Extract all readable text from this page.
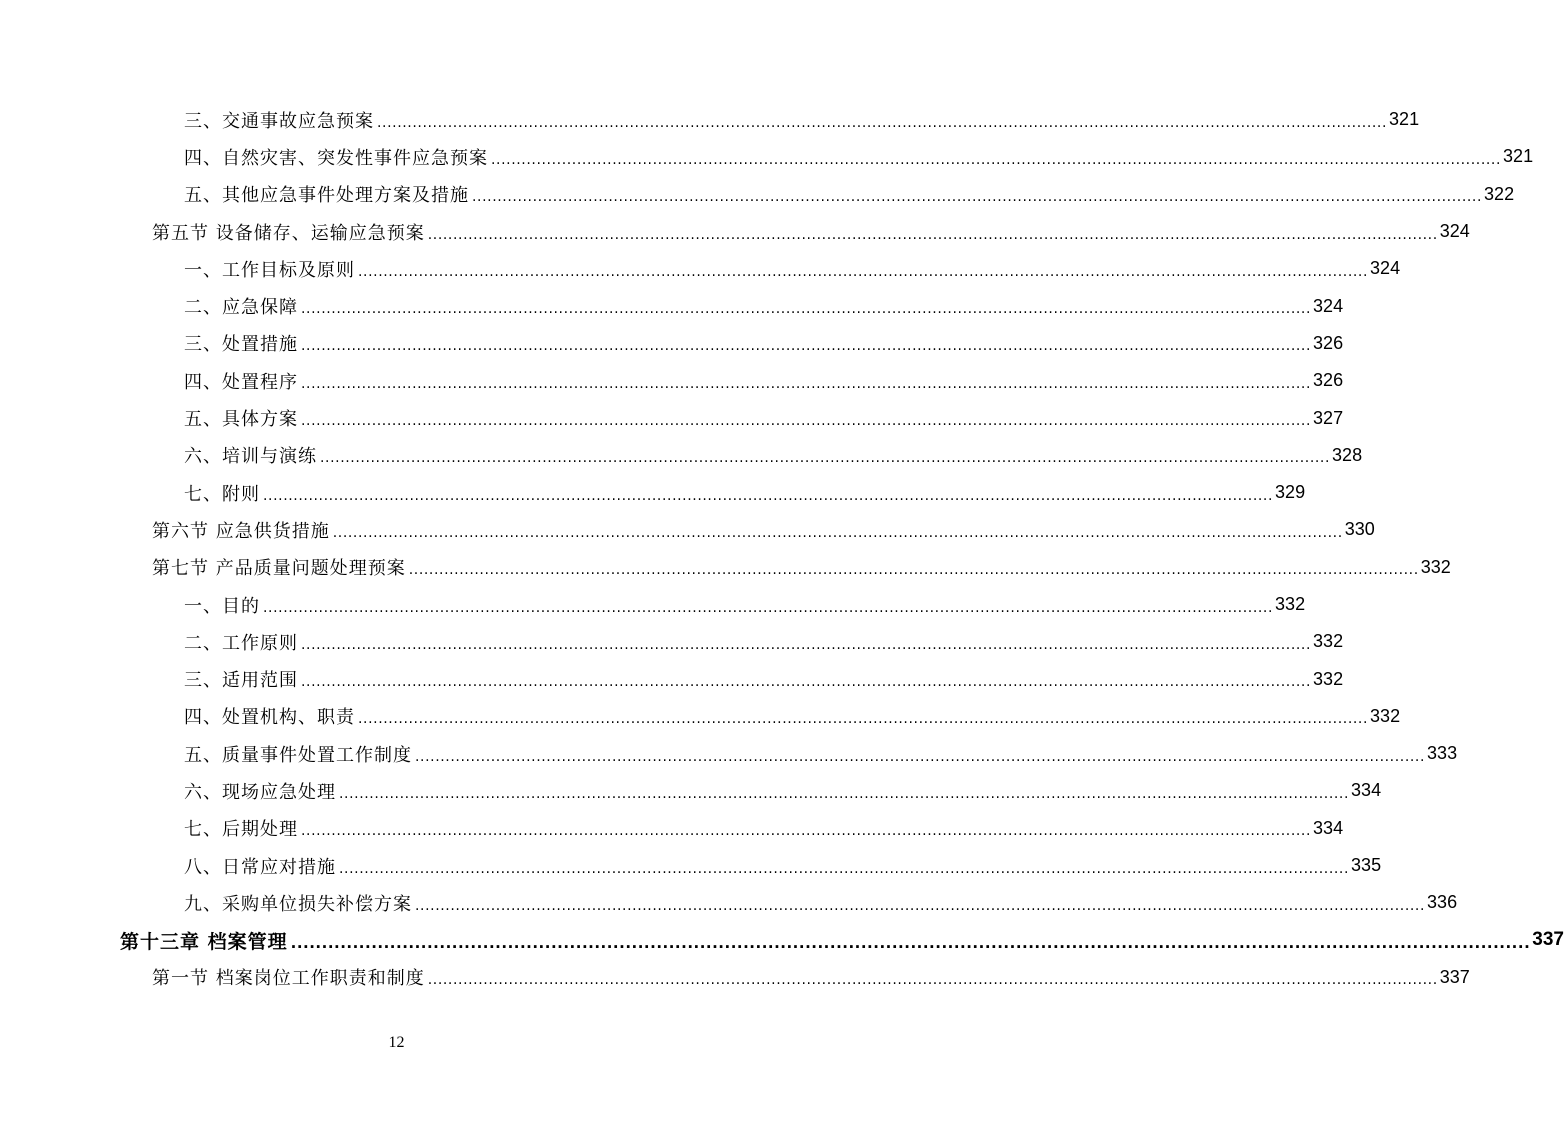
三、交通事故应急预案 ........................................................................................................................................................................................................ 321
四、自然灾害、突发性事件应急预案 ........................................................................................................................................................................................................ 321
五、其他应急事件处理方案及措施 ........................................................................................................................................................................................................ 322
第五节 设备储存、运输应急预案 ........................................................................................................................................................................................................ 324
一、工作目标及原则 ........................................................................................................................................................................................................ 324
二、应急保障 ........................................................................................................................................................................................................ 324
三、处置措施 ........................................................................................................................................................................................................ 326
四、处置程序 ........................................................................................................................................................................................................ 326
五、具体方案 ........................................................................................................................................................................................................ 327
六、培训与演练 ........................................................................................................................................................................................................ 328
七、附则 ........................................................................................................................................................................................................ 329
第六节 应急供货措施 ........................................................................................................................................................................................................ 330
第七节 产品质量问题处理预案 ........................................................................................................................................................................................................ 332
一、目的 ........................................................................................................................................................................................................ 332
二、工作原则 ........................................................................................................................................................................................................ 332
三、适用范围 ........................................................................................................................................................................................................ 332
四、处置机构、职责 ........................................................................................................................................................................................................ 332
五、质量事件处置工作制度 ........................................................................................................................................................................................................ 333
六、现场应急处理 ........................................................................................................................................................................................................ 334
七、后期处理 ........................................................................................................................................................................................................ 334
八、日常应对措施 ........................................................................................................................................................................................................ 335
九、采购单位损失补偿方案 ........................................................................................................................................................................................................ 336
第十三章 档案管理 ........................................................................................................................................................................................................ 337
第一节 档案岗位工作职责和制度 ........................................................................................................................................................................................................ 337
12
